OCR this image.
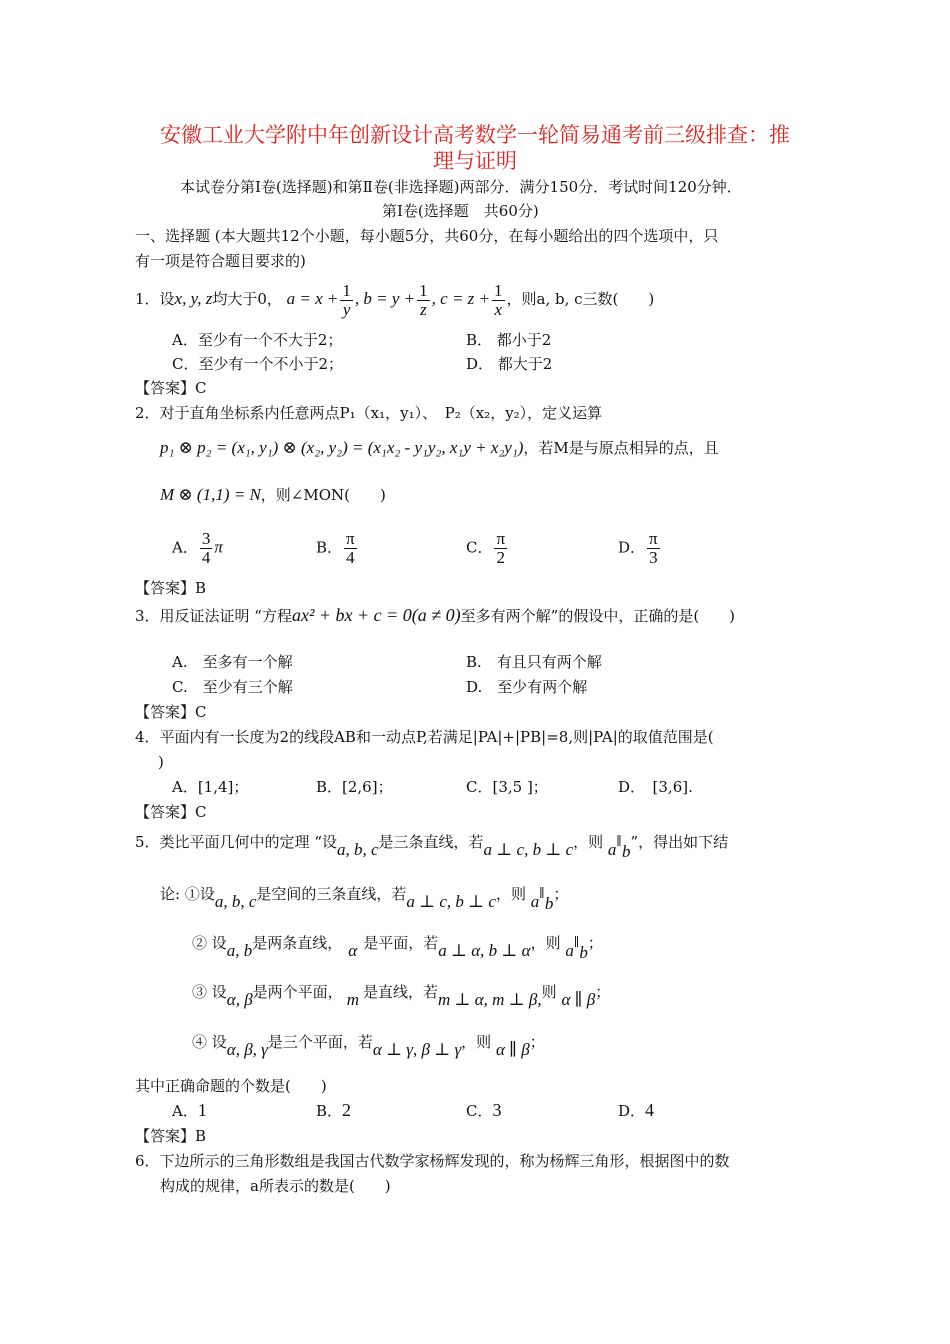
安徽工业大学附中年创新设计高考数学一轮简易通考前三级排查：推
理与证明
本试卷分第Ⅰ卷(选择题)和第Ⅱ卷(非选择题)两部分．满分150分．考试时间120分钟．
第Ⅰ卷(选择题　共60分)
一、选择题 (本大题共12个小题，每小题5分，共60分，在每小题给出的四个选项中，只
有一项是符合题目要求的)
1．设x, y, z均大于0， $a = x + \frac{1}{y}$ , $b = y + \frac{1}{z}$ , $c = z + \frac{1}{x}$ ，则a, b, c三数(　　)
A．至少有一个不大于2；	B． 都小于2
C．至少有一个不小于2；	D． 都大于2
【答案】C
2．对于直角坐标系内任意两点P₁（x₁，y₁）、　P₂（x₂，y₂），定义运算
p₁ ⊗ p₂ = (x₁, y₁) ⊗ (x₂, y₂) = (x₁x₂ - y₁y₂, x₁y + x₂y₁)，若M是与原点相异的点，且
M ⊗ (1,1) = N，则∠MON(　　)
A． $\frac{3}{4}$ π	B． $\frac{\pi}{4}$	C． $\frac{\pi}{2}$	D． $\frac{\pi}{3}$
【答案】B
3．用反证法证明 “方程ax² + bx + c = 0(a ≠ 0)至多有两个解”的假设中，正确的是(　　)
A.　至多有一个解	B.　有且只有两个解
C.　至少有三个解	D.　至少有两个解
【答案】C
4．平面内有一长度为2的线段AB和一动点P,若满足|PA|+|PB|=8,则|PA|的取值范围是(
)
A．[1,4]；	B．[2,6]；	C．[3,5 ]；	D．　[3,6].
【答案】C
5．类比平面几何中的定理 “设a, b, c是三条直线，若a ⊥ c, b ⊥ c，则 a∥b”，得出如下结
论: ①设a, b, c是空间的三条直线，若a ⊥ c, b ⊥ c，则 a∥b；
② 设a, b是两条直线， α 是平面，若a ⊥ α, b ⊥ α，则 a∥b；
③ 设α, β是两个平面， m 是直线，若m ⊥ α, m ⊥ β,则 α ∥ β；
④ 设α, β, γ是三个平面，若α ⊥ γ, β ⊥ γ，则 α ∥ β；
其中正确命题的个数是(　　)
A．1	B．2	C．3	D．4
【答案】B
6．下边所示的三角形数组是我国古代数学家杨辉发现的，称为杨辉三角形，根据图中的数
构成的规律，a所表示的数是(　　)
